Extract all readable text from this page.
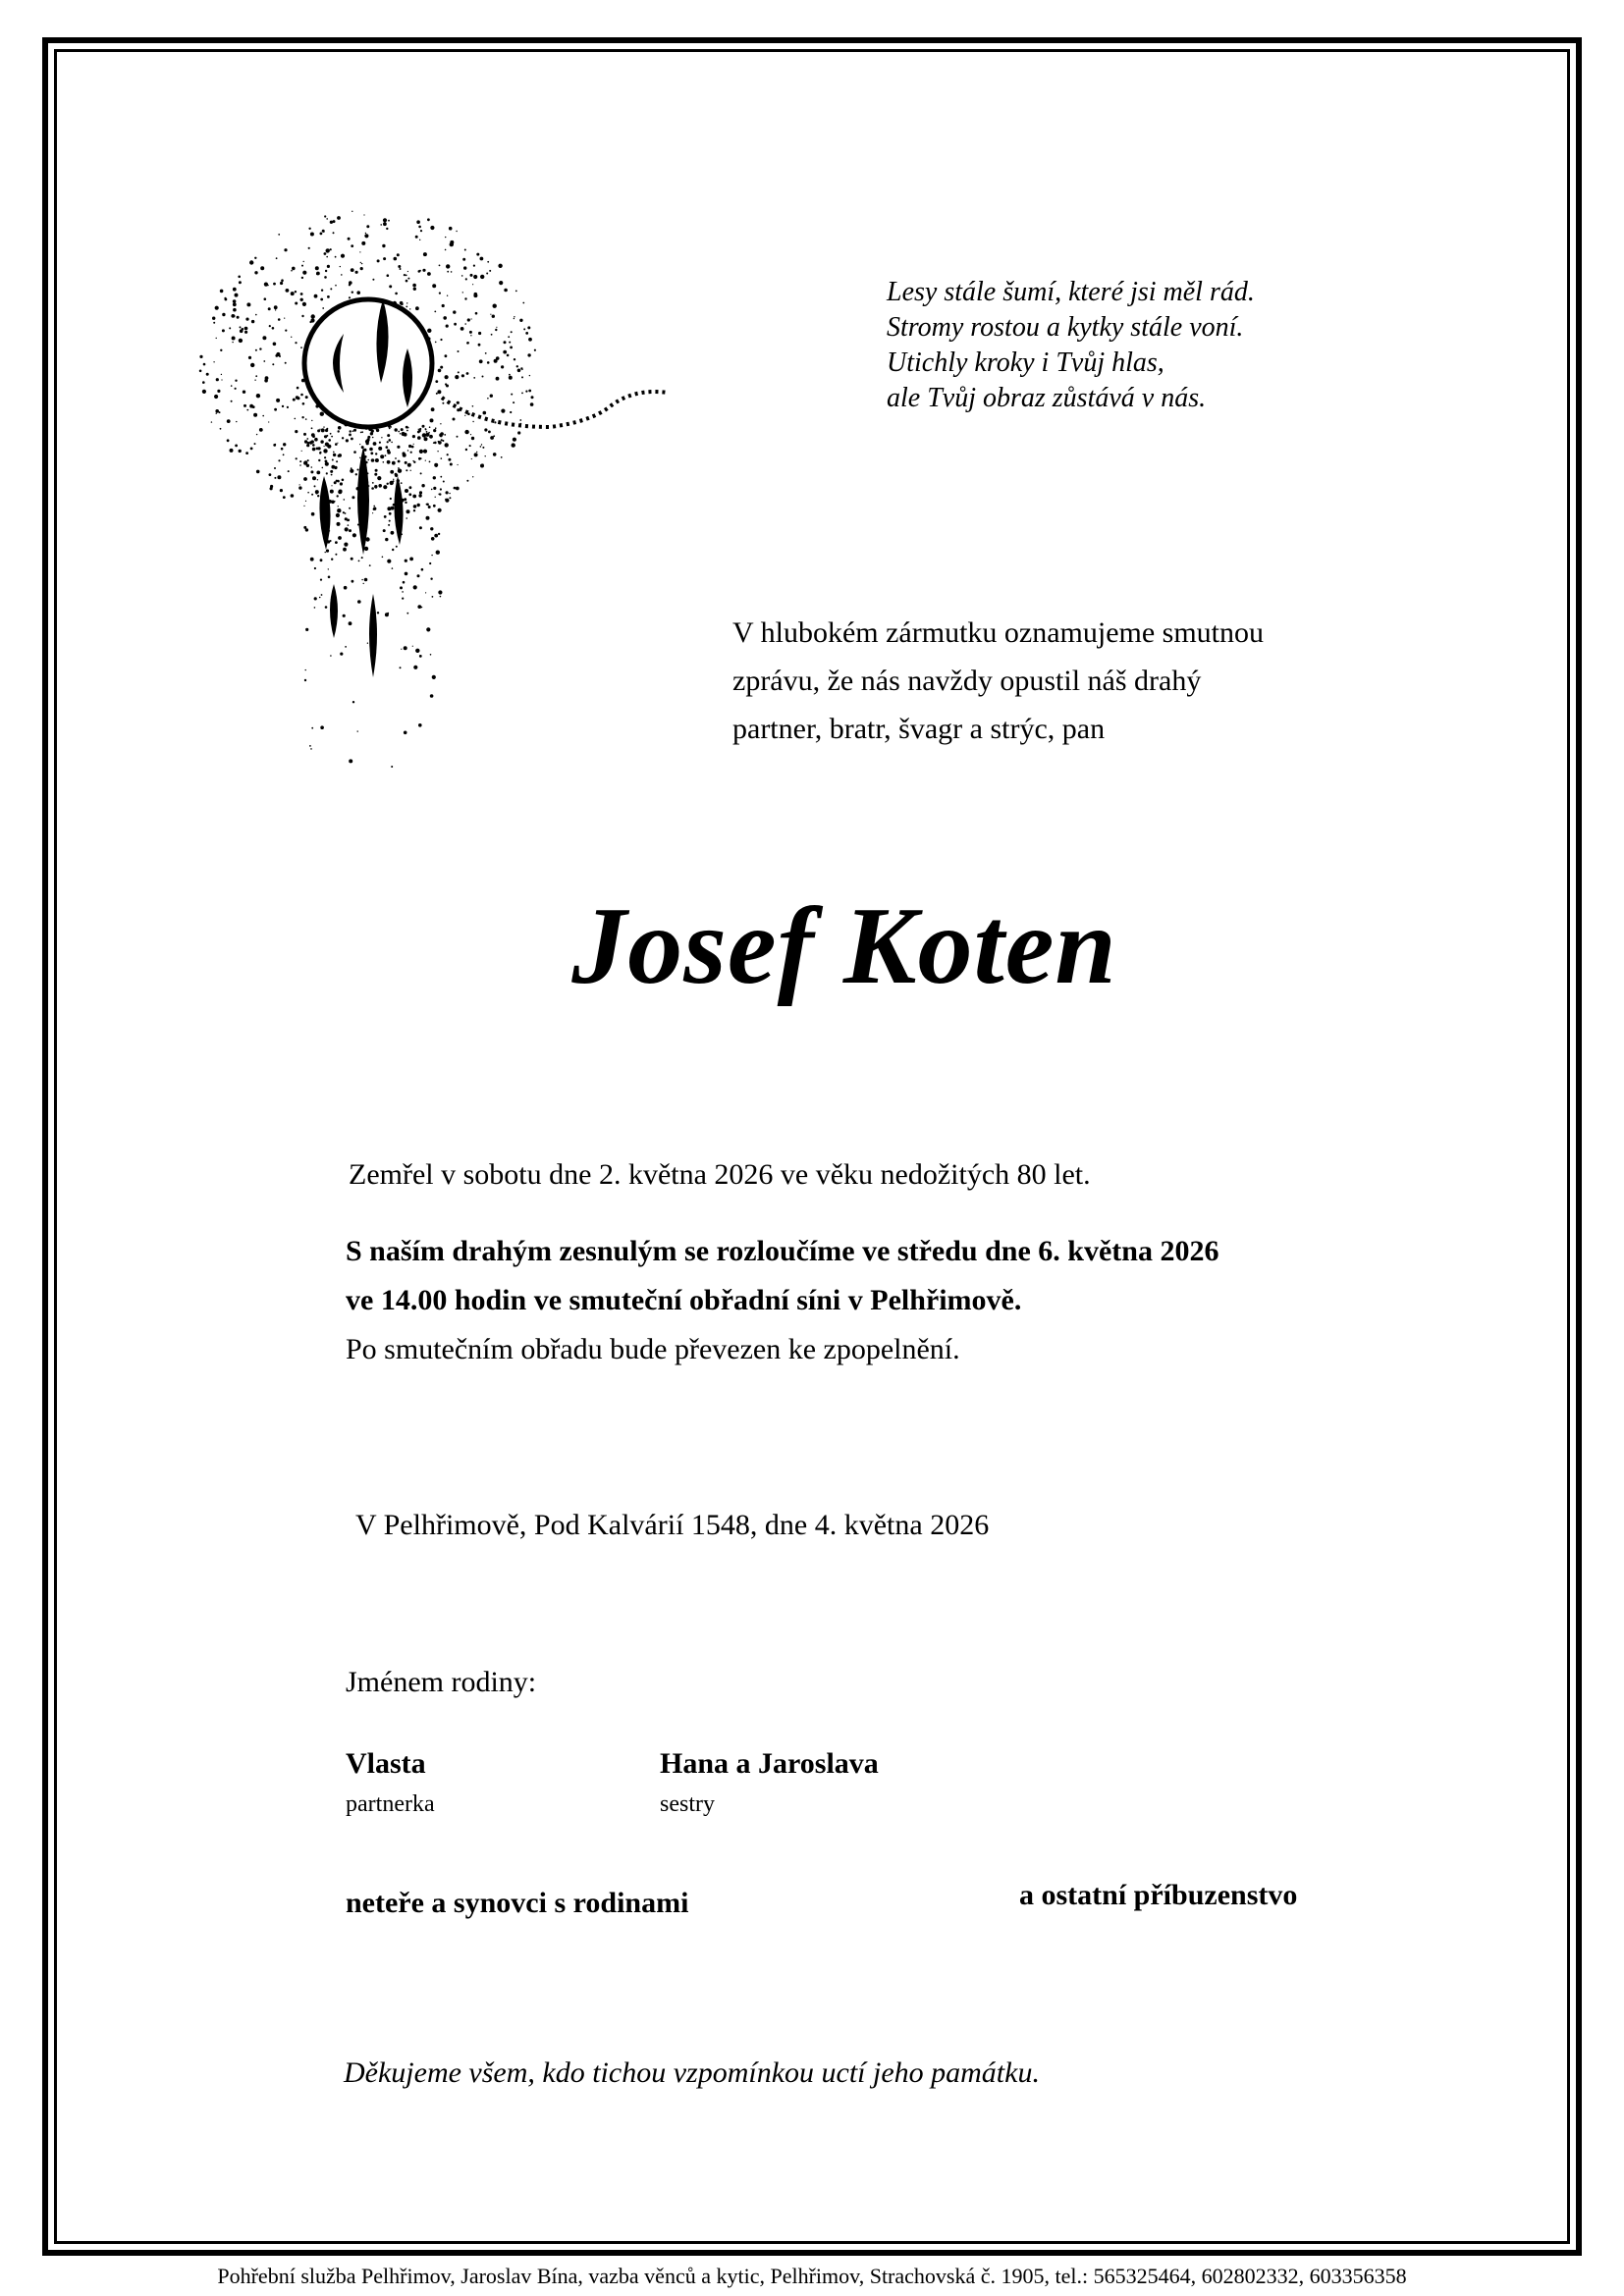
Lesy stále šumí, které jsi měl rád.
Stromy rostou a kytky stále voní.
Utichly kroky i Tvůj hlas,
ale Tvůj obraz zůstává v nás.
V hlubokém zármutku oznamujeme smutnou
zprávu, že nás navždy opustil náš drahý
partner, bratr, švagr a strýc, pan
Josef Koten
Zemřel v sobotu dne 2. května 2026 ve věku nedožitých 80 let.
S naším drahým zesnulým se rozloučíme ve středu dne 6. května 2026
ve 14.00 hodin ve smuteční obřadní síni v Pelhřimově.
Po smutečním obřadu bude převezen ke zpopelnění.
V Pelhřimově, Pod Kalvárií 1548, dne 4. května 2026
Jménem rodiny:
Vlasta
partnerka
Hana a Jaroslava
sestry
neteře a synovci s rodinami	a ostatní příbuzenstvo
Děkujeme všem, kdo tichou vzpomínkou uctí jeho památku.
Pohřební služba Pelhřimov, Jaroslav Bína, vazba věnců a kytic, Pelhřimov, Strachovská č. 1905, tel.: 565325464, 602802332, 603356358
